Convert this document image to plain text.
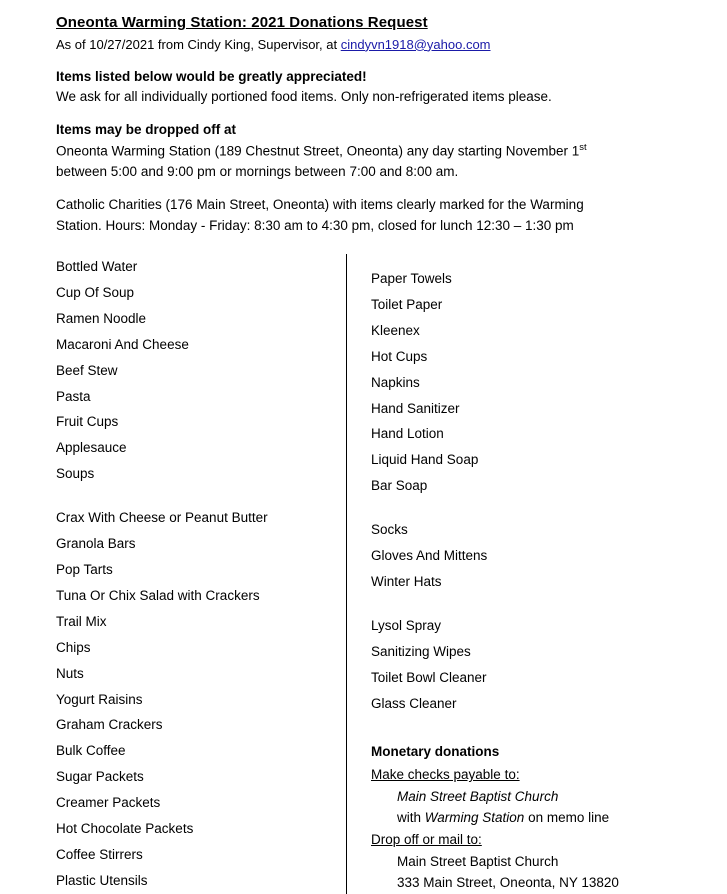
Oneonta Warming Station: 2021 Donations Request
As of 10/27/2021 from Cindy King, Supervisor, at cindyvn1918@yahoo.com
Items listed below would be greatly appreciated!
We ask for all individually portioned food items. Only non-refrigerated items please.
Items may be dropped off at
Oneonta Warming Station (189 Chestnut Street, Oneonta) any day starting November 1st
between 5:00 and 9:00 pm or mornings between 7:00 and 8:00 am.
Catholic Charities (176 Main Street, Oneonta) with items clearly marked for the Warming
Station. Hours: Monday - Friday: 8:30 am to 4:30 pm, closed for lunch 12:30 – 1:30 pm
Bottled Water
Cup Of Soup
Ramen Noodle
Macaroni And Cheese
Beef Stew
Pasta
Fruit Cups
Applesauce
Soups
Crax With Cheese or Peanut Butter
Granola Bars
Pop Tarts
Tuna Or Chix Salad with Crackers
Trail Mix
Chips
Nuts
Yogurt Raisins
Graham Crackers
Bulk Coffee
Sugar Packets
Creamer Packets
Hot Chocolate Packets
Coffee Stirrers
Plastic Utensils
Paper Towels
Toilet Paper
Kleenex
Hot Cups
Napkins
Hand Sanitizer
Hand Lotion
Liquid Hand Soap
Bar Soap
Socks
Gloves And Mittens
Winter Hats
Lysol Spray
Sanitizing Wipes
Toilet Bowl Cleaner
Glass Cleaner
Monetary donations
Make checks payable to:
Main Street Baptist Church
with Warming Station on memo line
Drop off or mail to:
Main Street Baptist Church
333 Main Street, Oneonta, NY 13820
